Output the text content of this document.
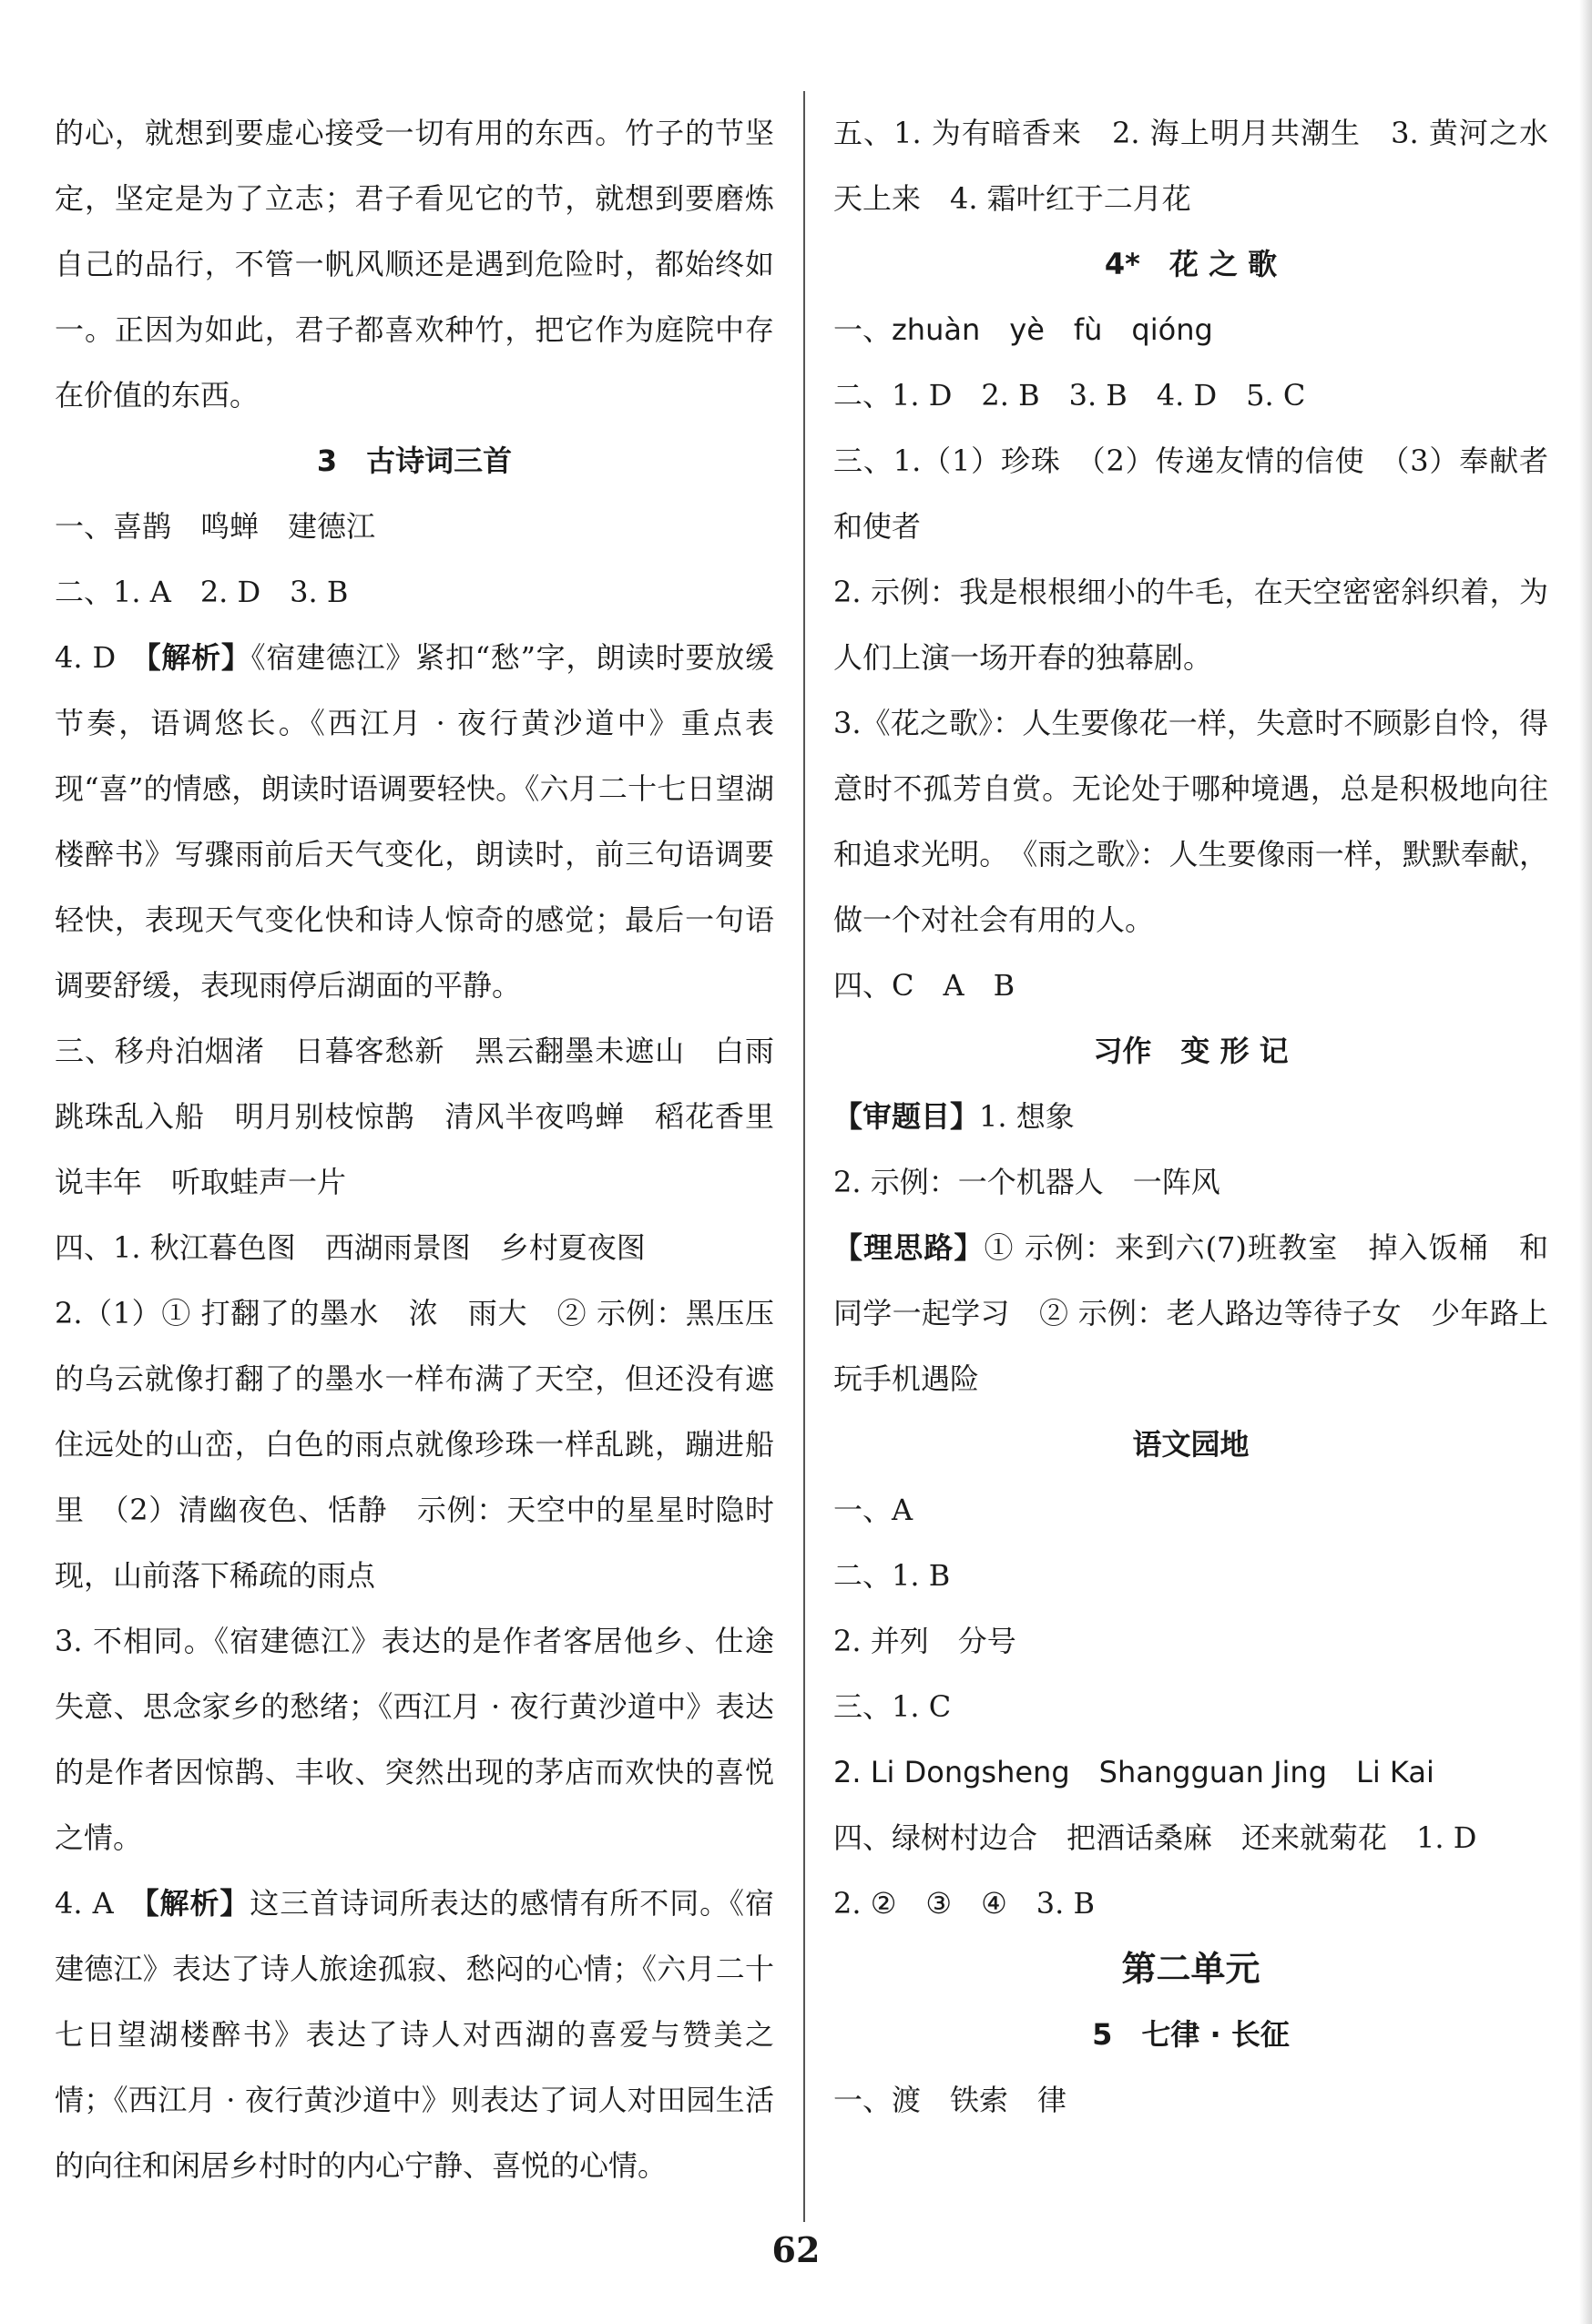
的心，就想到要虚心接受一切有用的东西。竹子的节坚定，坚定是为了立志；君子看见它的节，就想到要磨炼自己的品行，不管一帆风顺还是遇到危险时，都始终如一。正因为如此，君子都喜欢种竹，把它作为庭院中存在价值的东西。

3　古诗词三首

一、喜鹊　鸣蝉　建德江

二、1. A　2. D　3. B

4. D　【解析】《宿建德江》紧扣“愁”字，朗读时要放缓节奏，语调悠长。《西江月 · 夜行黄沙道中》重点表现“喜”的情感，朗读时语调要轻快。《六月二十七日望湖楼醉书》写骤雨前后天气变化，朗读时，前三句语调要轻快，表现天气变化快和诗人惊奇的感觉；最后一句语调要舒缓，表现雨停后湖面的平静。

三、移舟泊烟渚　日暮客愁新　黑云翻墨未遮山　白雨跳珠乱入船　明月别枝惊鹊　清风半夜鸣蝉　稻花香里说丰年　听取蛙声一片

四、1. 秋江暮色图　西湖雨景图　乡村夏夜图

2.（1）① 打翻了的墨水　浓　雨大　② 示例：黑压压的乌云就像打翻了的墨水一样布满了天空，但还没有遮住远处的山峦，白色的雨点就像珍珠一样乱跳，蹦进船里　（2）清幽夜色、恬静　示例：天空中的星星时隐时现，山前落下稀疏的雨点

3. 不相同。《宿建德江》表达的是作者客居他乡、仕途失意、思念家乡的愁绪；《西江月 · 夜行黄沙道中》表达的是作者因惊鹊、丰收、突然出现的茅店而欢快的喜悦之情。

4. A　【解析】这三首诗词所表达的感情有所不同。《宿建德江》表达了诗人旅途孤寂、愁闷的心情；《六月二十七日望湖楼醉书》表达了诗人对西湖的喜爱与赞美之情；《西江月 · 夜行黄沙道中》则表达了词人对田园生活的向往和闲居乡村时的内心宁静、喜悦的心情。

五、1. 为有暗香来　2. 海上明月共潮生　3. 黄河之水天上来　4. 霜叶红于二月花

4*　花 之 歌

一、zhuàn　yè　fù　qióng

二、1. D　2. B　3. B　4. D　5. C

三、1.（1）珍珠　（2）传递友情的信使　（3）奉献者和使者

2. 示例：我是根根细小的牛毛，在天空密密斜织着，为人们上演一场开春的独幕剧。

3.《花之歌》：人生要像花一样，失意时不顾影自怜，得意时不孤芳自赏。无论处于哪种境遇，总是积极地向往和追求光明。　《雨之歌》：人生要像雨一样，默默奉献，做一个对社会有用的人。

四、C　A　B

习作　变 形 记

【审题目】1. 想象

2. 示例：一个机器人　一阵风

【理思路】① 示例：来到六(7)班教室　掉入饭桶　和同学一起学习　② 示例：老人路边等待子女　少年路上玩手机遇险

语文园地

一、A

二、1. B

2. 并列　分号

三、1. C

2. Li Dongsheng　Shangguan Jing　Li Kai

四、绿树村边合　把酒话桑麻　还来就菊花　1. D

2. ②　③　④　3. B

第二单元

5　七律 · 长征

一、渡　铁索　律

62
